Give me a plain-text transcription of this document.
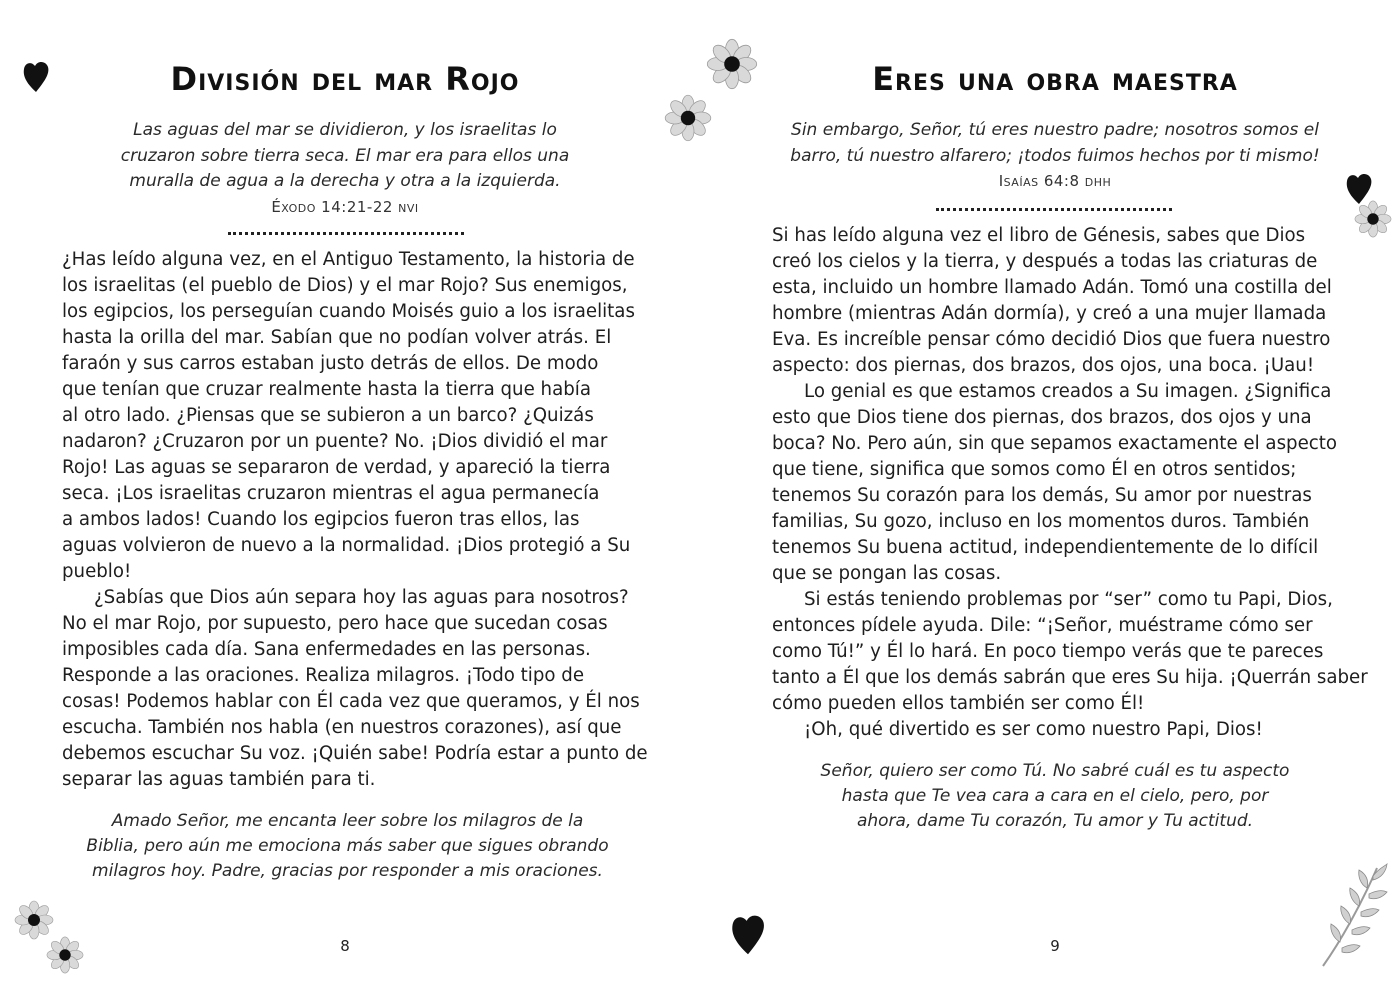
División del mar Rojo
Las aguas del mar se dividieron, y los israelitas lo
cruzaron sobre tierra seca. El mar era para ellos una
muralla de agua a la derecha y otra a la izquierda.
Éxodo 14:21-22 nvi
¿Has leído alguna vez, en el Antiguo Testamento, la historia de
los israelitas (el pueblo de Dios) y el mar Rojo? Sus enemigos,
los egipcios, los perseguían cuando Moisés guio a los israelitas
hasta la orilla del mar. Sabían que no podían volver atrás. El
faraón y sus carros estaban justo detrás de ellos. De modo
que tenían que cruzar realmente hasta la tierra que había
al otro lado. ¿Piensas que se subieron a un barco? ¿Quizás
nadaron? ¿Cruzaron por un puente? No. ¡Dios dividió el mar
Rojo! Las aguas se separaron de verdad, y apareció la tierra
seca. ¡Los israelitas cruzaron mientras el agua permanecía
a ambos lados! Cuando los egipcios fueron tras ellos, las
aguas volvieron de nuevo a la normalidad. ¡Dios protegió a Su
pueblo!
¿Sabías que Dios aún separa hoy las aguas para nosotros?
No el mar Rojo, por supuesto, pero hace que sucedan cosas
imposibles cada día. Sana enfermedades en las personas.
Responde a las oraciones. Realiza milagros. ¡Todo tipo de
cosas! Podemos hablar con Él cada vez que queramos, y Él nos
escucha. También nos habla (en nuestros corazones), así que
debemos escuchar Su voz. ¡Quién sabe! Podría estar a punto de
separar las aguas también para ti.
Amado Señor, me encanta leer sobre los milagros de la
Biblia, pero aún me emociona más saber que sigues obrando
milagros hoy. Padre, gracias por responder a mis oraciones.
8
Eres una obra maestra
Sin embargo, Señor, tú eres nuestro padre; nosotros somos el
barro, tú nuestro alfarero; ¡todos fuimos hechos por ti mismo!
Isaías 64:8 dhh
Si has leído alguna vez el libro de Génesis, sabes que Dios
creó los cielos y la tierra, y después a todas las criaturas de
esta, incluido un hombre llamado Adán. Tomó una costilla del
hombre (mientras Adán dormía), y creó a una mujer llamada
Eva. Es increíble pensar cómo decidió Dios que fuera nuestro
aspecto: dos piernas, dos brazos, dos ojos, una boca. ¡Uau!
Lo genial es que estamos creados a Su imagen. ¿Significa
esto que Dios tiene dos piernas, dos brazos, dos ojos y una
boca? No. Pero aún, sin que sepamos exactamente el aspecto
que tiene, significa que somos como Él en otros sentidos;
tenemos Su corazón para los demás, Su amor por nuestras
familias, Su gozo, incluso en los momentos duros. También
tenemos Su buena actitud, independientemente de lo difícil
que se pongan las cosas.
Si estás teniendo problemas por “ser” como tu Papi, Dios,
entonces pídele ayuda. Dile: “¡Señor, muéstrame cómo ser
como Tú!” y Él lo hará. En poco tiempo verás que te pareces
tanto a Él que los demás sabrán que eres Su hija. ¡Querrán saber
cómo pueden ellos también ser como Él!
¡Oh, qué divertido es ser como nuestro Papi, Dios!
Señor, quiero ser como Tú. No sabré cuál es tu aspecto
hasta que Te vea cara a cara en el cielo, pero, por
ahora, dame Tu corazón, Tu amor y Tu actitud.
9
